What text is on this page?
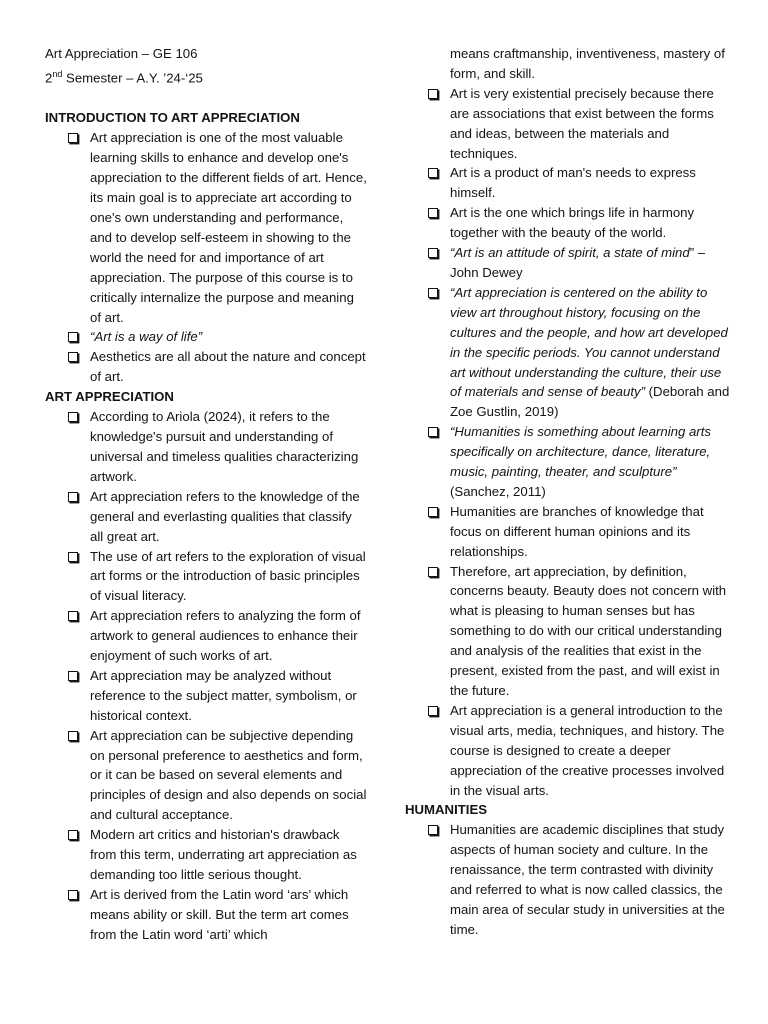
Art Appreciation – GE 106

2nd Semester – A.Y. ’24-‘25

INTRODUCTION TO ART APPRECIATION

Art appreciation is one of the most valuable learning skills to enhance and develop one's appreciation to the different fields of art. Hence, its main goal is to appreciate art according to one's own understanding and performance, and to develop self-esteem in showing to the world the need for and importance of art appreciation. The purpose of this course is to critically internalize the purpose and meaning of art.

“Art is a way of life”

Aesthetics are all about the nature and concept of art.

ART APPRECIATION

According to Ariola (2024), it refers to the knowledge's pursuit and understanding of universal and timeless qualities characterizing artwork.

Art appreciation refers to the knowledge of the general and everlasting qualities that classify all great art.

The use of art refers to the exploration of visual art forms or the introduction of basic principles of visual literacy.

Art appreciation refers to analyzing the form of artwork to general audiences to enhance their enjoyment of such works of art.

Art appreciation may be analyzed without reference to the subject matter, symbolism, or historical context.

Art appreciation can be subjective depending on personal preference to aesthetics and form, or it can be based on several elements and principles of design and also depends on social and cultural acceptance.

Modern art critics and historian's drawback from this term, underrating art appreciation as demanding too little serious thought.

Art is derived from the Latin word ‘ars’ which means ability or skill. But the term art comes from the Latin word ‘arti’ which

means craftmanship, inventiveness, mastery of form, and skill.

Art is very existential precisely because there are associations that exist between the forms and ideas, between the materials and techniques.

Art is a product of man's needs to express himself.

Art is the one which brings life in harmony together with the beauty of the world.

“Art is an attitude of spirit, a state of mind” – John Dewey

“Art appreciation is centered on the ability to view art throughout history, focusing on the cultures and the people, and how art developed in the specific periods. You cannot understand art without understanding the culture, their use of materials and sense of beauty” (Deborah and Zoe Gustlin, 2019)

“Humanities is something about learning arts specifically on architecture, dance, literature, music, painting, theater, and sculpture” (Sanchez, 2011)

Humanities are branches of knowledge that focus on different human opinions and its relationships.

Therefore, art appreciation, by definition, concerns beauty. Beauty does not concern with what is pleasing to human senses but has something to do with our critical understanding and analysis of the realities that exist in the present, existed from the past, and will exist in the future.

Art appreciation is a general introduction to the visual arts, media, techniques, and history. The course is designed to create a deeper appreciation of the creative processes involved in the visual arts.

HUMANITIES

Humanities are academic disciplines that study aspects of human society and culture. In the renaissance, the term contrasted with divinity and referred to what is now called classics, the main area of secular study in universities at the time.
